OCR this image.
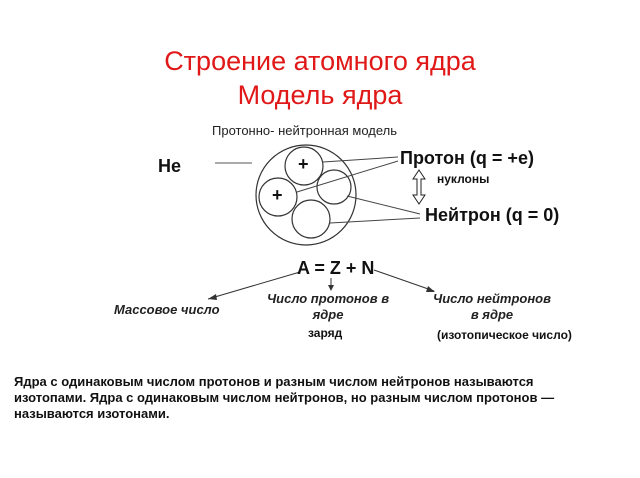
Строение атомного ядра
Модель ядра
Протонно- нейтронная модель
He	+
+
Протон (q = +e)
нуклоны
Нейтрон (q = 0)
A = Z + N
Массовое число
Число протонов в ядре
заряд
Число нейтронов в ядре
(изотопическое число)
Ядра с одинаковым числом протонов и разным числом нейтронов называются изотопами. Ядра с одинаковым числом нейтронов, но разным числом протонов — называются изотонами.
